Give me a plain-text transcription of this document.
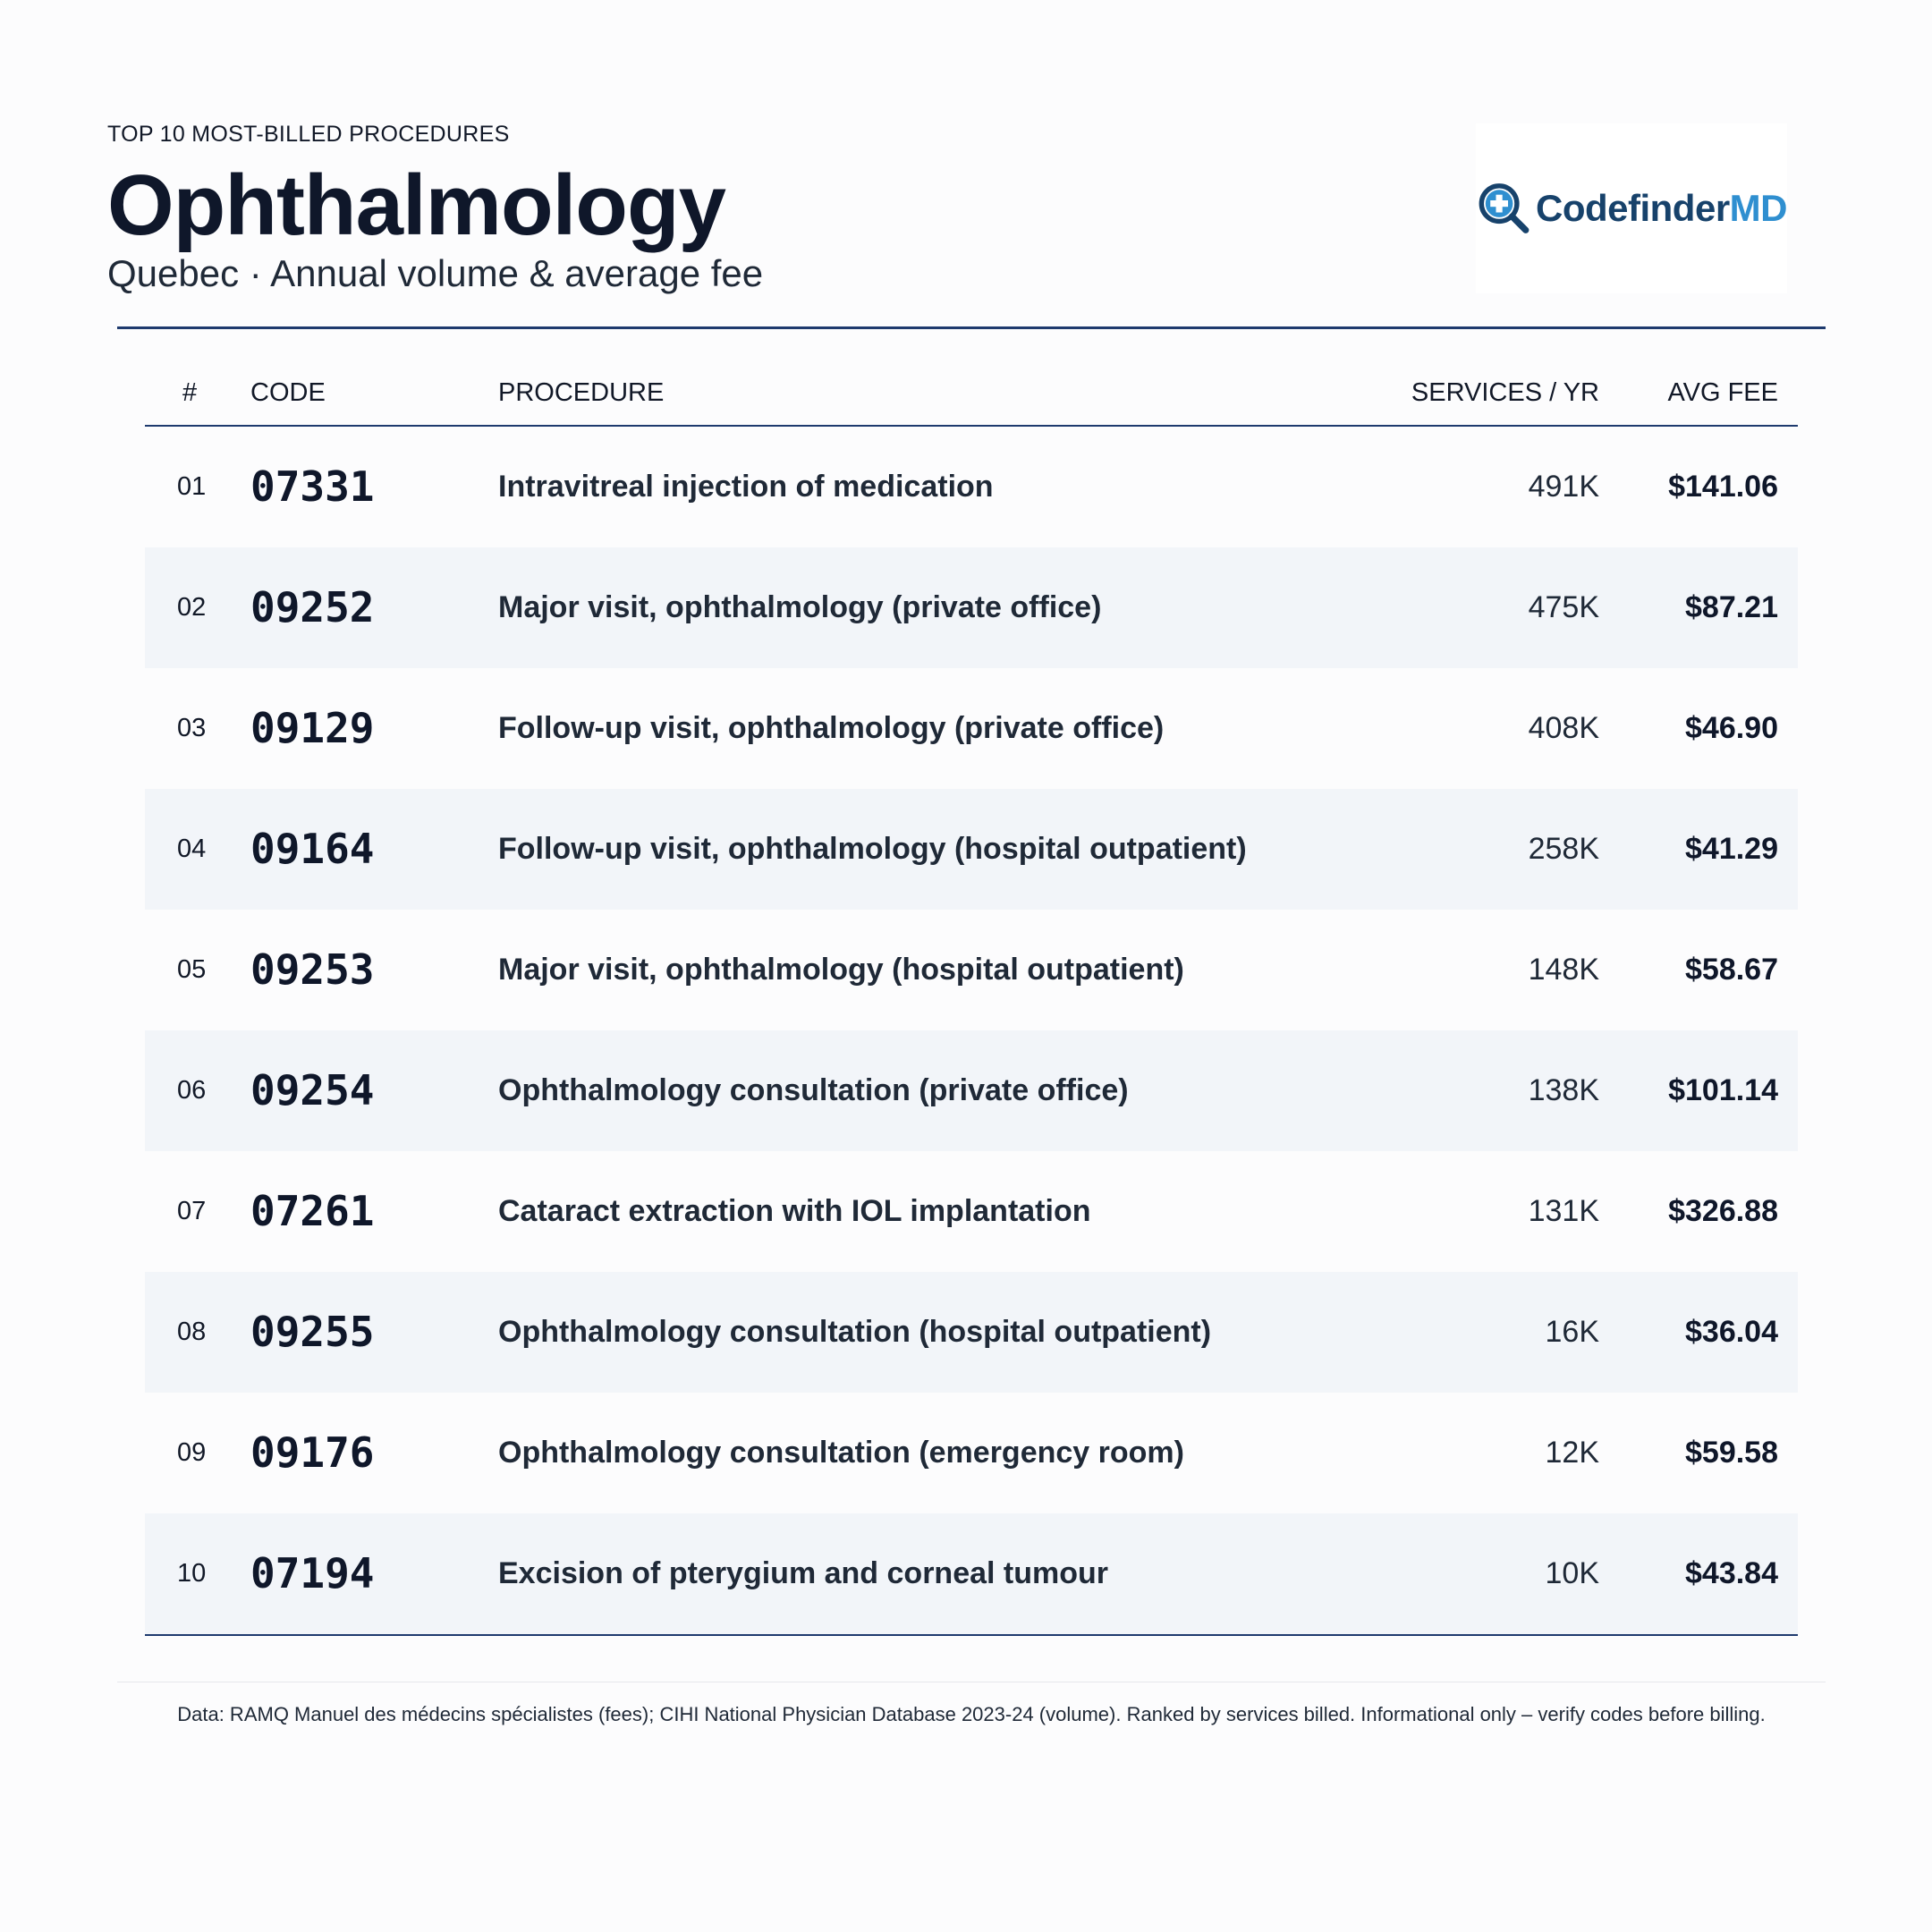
TOP 10 MOST-BILLED PROCEDURES
Ophthalmology
Quebec · Annual volume & average fee
CodefinderMD
# CODE	PROCEDURE	SERVICES / YR	AVG FEE
01 07331	Intravitreal injection of medication	491K $141.06
02 09252	Major visit, ophthalmology (private office)	475K	$87.21
03 09129	Follow-up visit, ophthalmology (private office)	408K	$46.90
04 09164	Follow-up visit, ophthalmology (hospital outpatient)	258K	$41.29
05 09253	Major visit, ophthalmology (hospital outpatient)	148K	$58.67
06 09254	Ophthalmology consultation (private office)	138K $101.14
07 07261	Cataract extraction with IOL implantation	131K $326.88
08 09255	Ophthalmology consultation (hospital outpatient)	16K	$36.04
09 09176	Ophthalmology consultation (emergency room)	12K	$59.58
10 07194	Excision of pterygium and corneal tumour	10K	$43.84
Data: RAMQ Manuel des médecins spécialistes (fees); CIHI National Physician Database 2023-24 (volume). Ranked by services billed. Informational only – verify codes before billing.
